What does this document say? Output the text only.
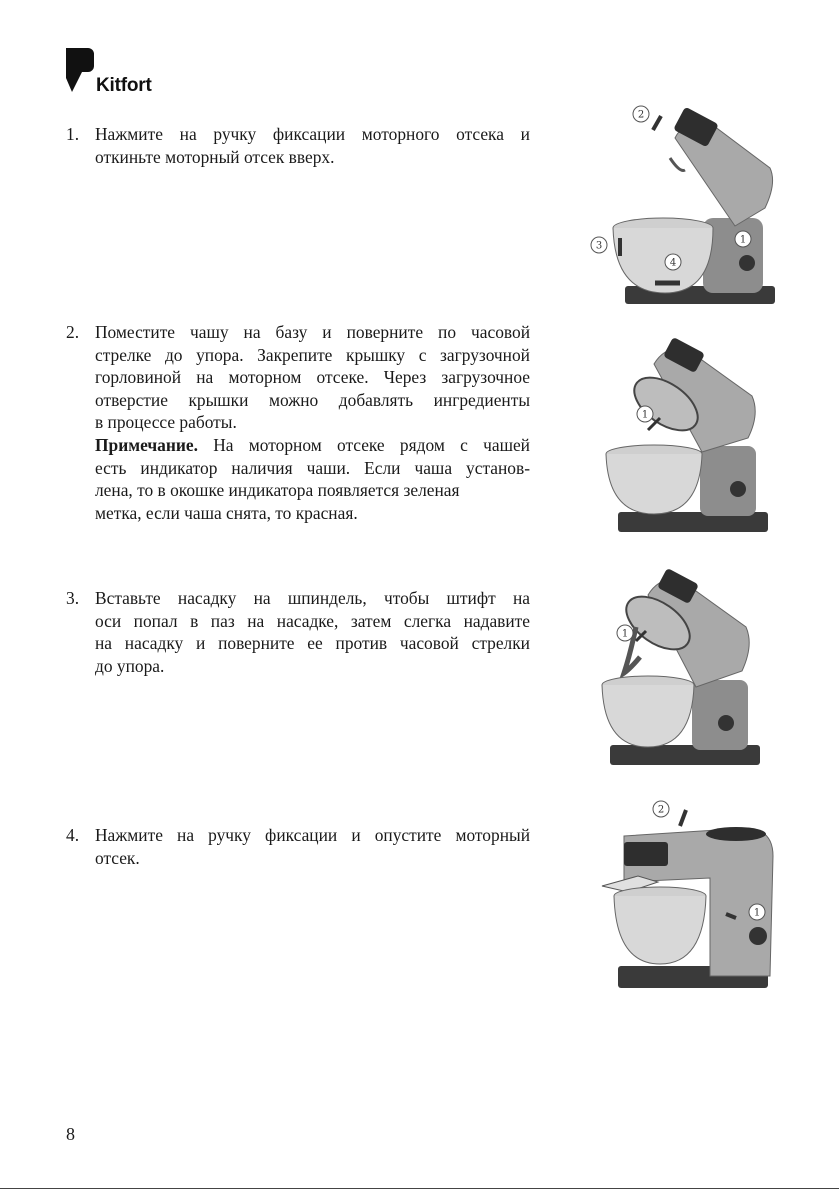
Kitfort
1. Нажмите на ручку фиксации моторного отсека и
откиньте моторный отсек вверх.
2. Поместите чашу на базу и поверните по часовой
стрелке до упора. Закрепите крышку с загрузочной
горловиной на моторном отсеке. Через загрузочное
отверстие крышки можно добавлять ингредиенты
в процессе работы.
Примечание. На моторном отсеке рядом с чашей
есть индикатор наличия чаши. Если чаша установ-
лена, то в окошке индикатора появляется зеленая
метка, если чаша снята, то красная.
3. Вставьте насадку на шпиндель, чтобы штифт на
оси попал в паз на насадке, затем слегка надавите
на насадку и поверните ее против часовой стрелки
до упора.
4. Нажмите на ручку фиксации и опустите моторный
отсек.
2
3
1
4
1
1
2
1
8
